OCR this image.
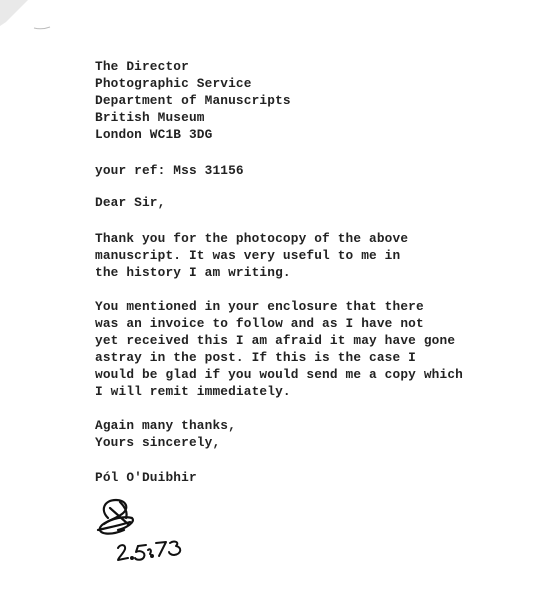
The Director
Photographic Service
Department of Manuscripts
British Museum
London WC1B 3DG
your ref: Mss 31156
Dear Sir,
Thank you for the photocopy of the above
manuscript. It was very useful to me in
the history I am writing.
You mentioned in your enclosure that there
was an invoice to follow and as I have not
yet received this I am afraid it may have gone
astray in the post. If this is the case I
would be glad if you would send me a copy which
I will remit immediately.
Again many thanks,
Yours sincerely,
Pól O'Duibhir
